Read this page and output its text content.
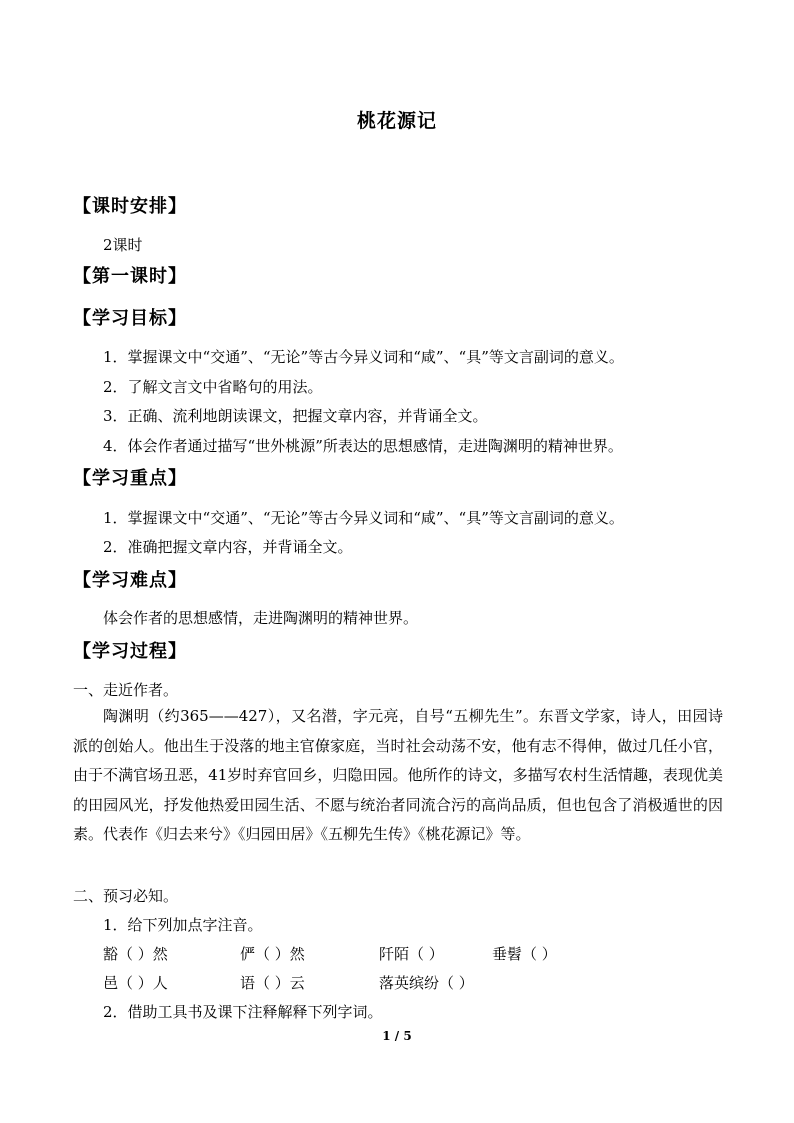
桃花源记
【课时安排】
2课时
【第一课时】
【学习目标】
1．掌握课文中“交通”、“无论”等古今异义词和“咸”、“具”等文言副词的意义。
2．了解文言文中省略句的用法。
3．正确、流利地朗读课文，把握文章内容，并背诵全文。
4．体会作者通过描写“世外桃源”所表达的思想感情，走进陶渊明的精神世界。
【学习重点】
1．掌握课文中“交通”、“无论”等古今异义词和“咸”、“具”等文言副词的意义。
2．准确把握文章内容，并背诵全文。
【学习难点】
体会作者的思想感情，走进陶渊明的精神世界。
【学习过程】
一、走近作者。
陶渊明（约365——427），又名潜，字元亮，自号“五柳先生”。东晋文学家，诗人，田园诗派的创始人。他出生于没落的地主官僚家庭，当时社会动荡不安，他有志不得伸，做过几任小官，由于不满官场丑恶，41岁时弃官回乡，归隐田园。他所作的诗文，多描写农村生活情趣，表现优美的田园风光，抒发他热爱田园生活、不愿与统治者同流合污的高尚品质，但也包含了消极遁世的因素。代表作《归去来兮》《归园田居》《五柳先生传》《桃花源记》等。
二、预习必知。
1．给下列加点字注音。
豁（ ）然	俨（ ）然	阡陌（ ）	垂髫（ ）
邑（ ）人	语（ ）云	落英缤纷（ ）
2．借助工具书及课下注释解释下列字词。
1 / 5
